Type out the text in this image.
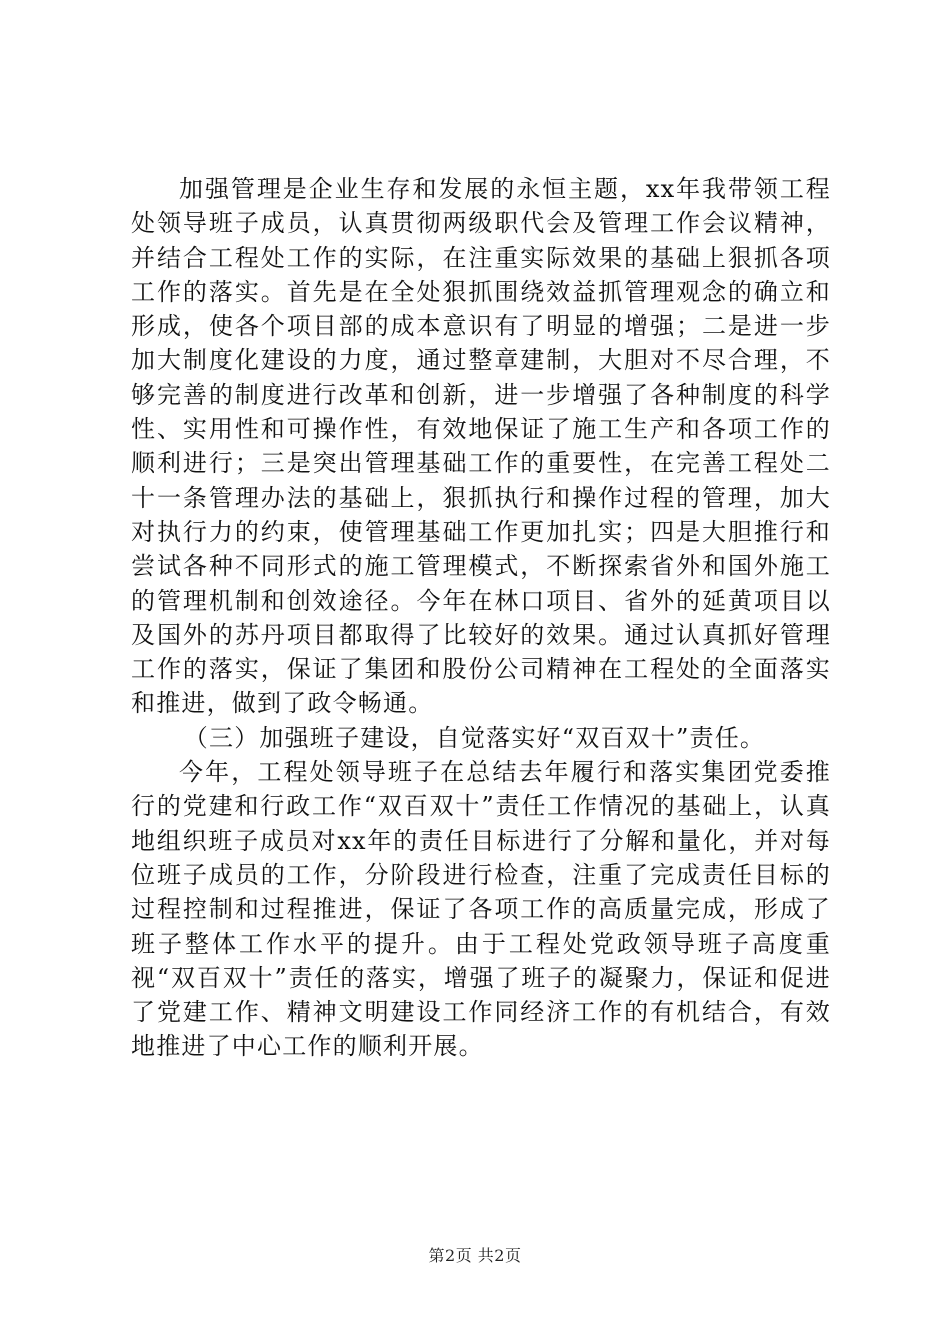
加强管理是企业生存和发展的永恒主题，xx年我带领工程处领导班子成员，认真贯彻两级职代会及管理工作会议精神，并结合工程处工作的实际，在注重实际效果的基础上狠抓各项工作的落实。首先是在全处狠抓围绕效益抓管理观念的确立和形成，使各个项目部的成本意识有了明显的增强；二是进一步加大制度化建设的力度，通过整章建制，大胆对不尽合理，不够完善的制度进行改革和创新，进一步增强了各种制度的科学性、实用性和可操作性，有效地保证了施工生产和各项工作的顺利进行；三是突出管理基础工作的重要性，在完善工程处二十一条管理办法的基础上，狠抓执行和操作过程的管理，加大对执行力的约束，使管理基础工作更加扎实；四是大胆推行和尝试各种不同形式的施工管理模式，不断探索省外和国外施工的管理机制和创效途径。今年在林口项目、省外的延黄项目以及国外的苏丹项目都取得了比较好的效果。通过认真抓好管理工作的落实，保证了集团和股份公司精神在工程处的全面落实和推进，做到了政令畅通。

（三）加强班子建设，自觉落实好“双百双十”责任。

今年，工程处领导班子在总结去年履行和落实集团党委推行的党建和行政工作“双百双十”责任工作情况的基础上，认真地组织班子成员对xx年的责任目标进行了分解和量化，并对每位班子成员的工作，分阶段进行检查，注重了完成责任目标的过程控制和过程推进，保证了各项工作的高质量完成，形成了班子整体工作水平的提升。由于工程处党政领导班子高度重视“双百双十”责任的落实，增强了班子的凝聚力，保证和促进了党建工作、精神文明建设工作同经济工作的有机结合，有效地推进了中心工作的顺利开展。

第2页 共2页
